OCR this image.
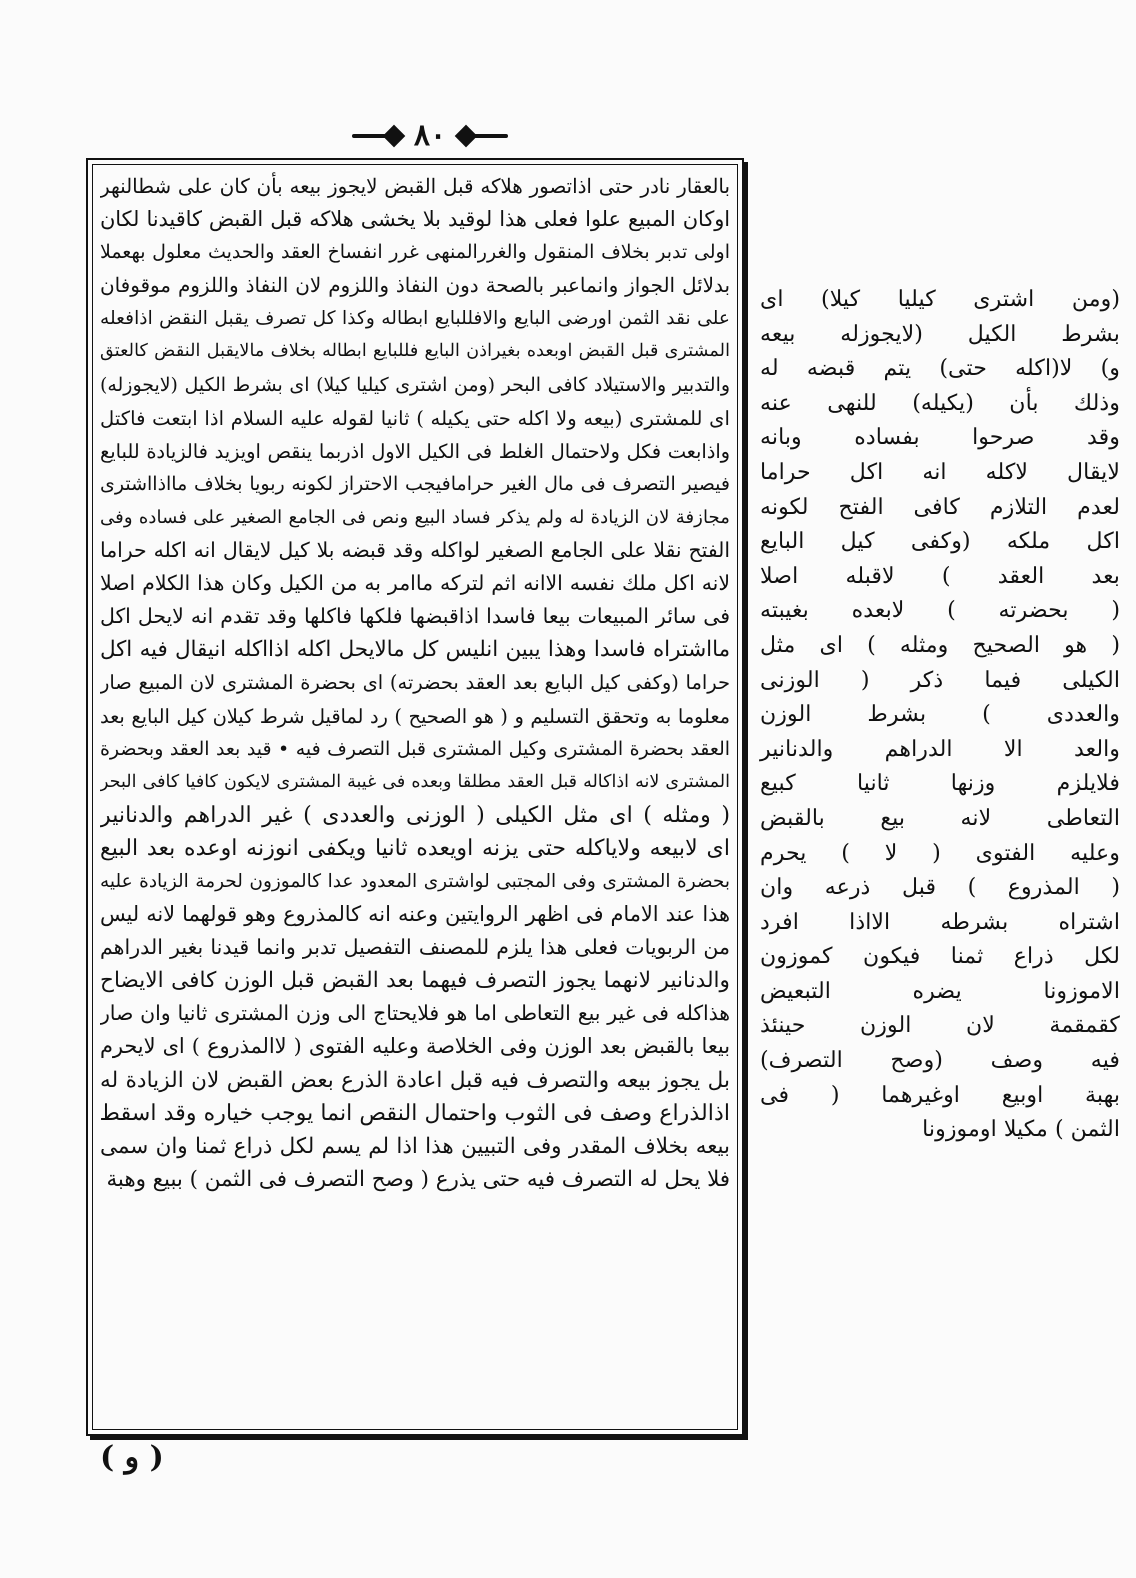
٨٠

بالعقار نادر حتى اذاتصور هلاكه قبل القبض لايجوز بيعه بأن كان على شطالنهر

اوكان المبيع علوا فعلى هذا لوقيد بلا يخشى هلاكه قبل القبض كاقيدنا لكان

اولى تدبر بخلاف المنقول والغررالمنهى غرر انفساخ العقد والحديث معلول بهعملا

بدلائل الجواز وانماعبر بالصحة دون النفاذ واللزوم لان النفاذ واللزوم موقوفان

على نقد الثمن اورضى البايع والافللبايع ابطاله وكذا كل تصرف يقبل النقض اذافعله

المشترى قبل القبض اوبعده بغيراذن البايع فللبايع ابطاله بخلاف مالايقبل النقض كالعتق

والتدبير والاستيلاد كافى البحر (ومن اشترى كيليا كيلا) اى بشرط الكيل (لايجوزله)

اى للمشترى (بيعه ولا اكله حتى يكيله ) ثانيا لقوله عليه السلام اذا ابتعت فاكتل

واذابعت فكل ولاحتمال الغلط فى الكيل الاول اذربما ينقص اويزيد فالزيادة للبايع

فيصير التصرف فى مال الغير حرامافيجب الاحتراز لكونه ربويا بخلاف مااذااشترى

مجازفة لان الزيادة له ولم يذكر فساد البيع ونص فى الجامع الصغير على فساده وفى

الفتح نقلا على الجامع الصغير لواكله وقد قبضه بلا كيل لايقال انه اكله حراما

لانه اكل ملك نفسه الاانه اثم لتركه ماامر به من الكيل وكان هذا الكلام اصلا

فى سائر المبيعات بيعا فاسدا اذاقبضها فلكها فاكلها وقد تقدم انه لايحل اكل

مااشتراه فاسدا وهذا يبين انليس كل مالايحل اكله اذااكله انيقال فيه اكل

حراما (وكفى كيل البايع بعد العقد بحضرته) اى بحضرة المشترى لان المبيع صار

معلوما به وتحقق التسليم و ( هو الصحيح ) رد لماقيل شرط كيلان كيل البايع بعد

العقد بحضرة المشترى وكيل المشترى قبل التصرف فيه • قيد بعد العقد وبحضرة

المشترى لانه اذاكاله قبل العقد مطلقا وبعده فى غيبة المشترى لايكون كافيا كافى البحر

( ومثله ) اى مثل الكيلى ( الوزنى والعددى ) غير الدراهم والدنانير

اى لابيعه ولاياكله حتى يزنه اويعده ثانيا ويكفى انوزنه اوعده بعد البيع

بحضرة المشترى وفى المجتبى لواشترى المعدود عدا كالموزون لحرمة الزيادة عليه

هذا عند الامام فى اظهر الروايتين وعنه انه كالمذروع وهو قولهما لانه ليس

من الربويات فعلى هذا يلزم للمصنف التفصيل تدبر وانما قيدنا بغير الدراهم

والدنانير لانهما يجوز التصرف فيهما بعد القبض قبل الوزن كافى الايضاح

هذاكله فى غير بيع التعاطى اما هو فلايحتاج الى وزن المشترى ثانيا وان صار

بيعا بالقبض بعد الوزن وفى الخلاصة وعليه الفتوى ( لاالمذروع ) اى لايحرم

بل يجوز بيعه والتصرف فيه قبل اعادة الذرع بعض القبض لان الزيادة له

اذالذراع وصف فى الثوب واحتمال النقص انما يوجب خياره وقد اسقط

بيعه بخلاف المقدر وفى التبيين هذا اذا لم يسم لكل ذراع ثمنا وان سمى

فلا يحل له التصرف فيه حتى يذرع ( وصح التصرف فى الثمن ) ببيع وهبة

(ومن اشترى كيليا كيلا) اى

بشرط الكيل (لايجوزله بيعه

و) لا(اكله حتى) يتم قبضه له

وذلك بأن (يكيله) للنهى عنه

وقد صرحوا بفساده وبانه

لايقال لاكله انه اكل حراما

لعدم التلازم كافى الفتح لكونه

اكل ملكه (وكفى كيل البايع

بعد العقد ) لاقبله اصلا

( بحضرته ) لابعده بغيبته

( هو الصحيح ومثله ) اى مثل

الكيلى فيما ذكر ( الوزنى

والعددى ) بشرط الوزن

والعد الا الدراهم والدنانير

فلايلزم وزنها ثانيا كبيع

التعاطى لانه بيع بالقبض

وعليه الفتوى ( لا ) يحرم

( المذروع ) قبل ذرعه وان

اشتراه بشرطه الااذا افرد

لكل ذراع ثمنا فيكون كموزون

الاموزونا يضره التبعيض

كقمقمة لان الوزن حينئذ

فيه وصف (وصح التصرف)

بهبة اوبيع اوغيرهما ( فى

الثمن ) مكيلا اوموزونا

( و )
